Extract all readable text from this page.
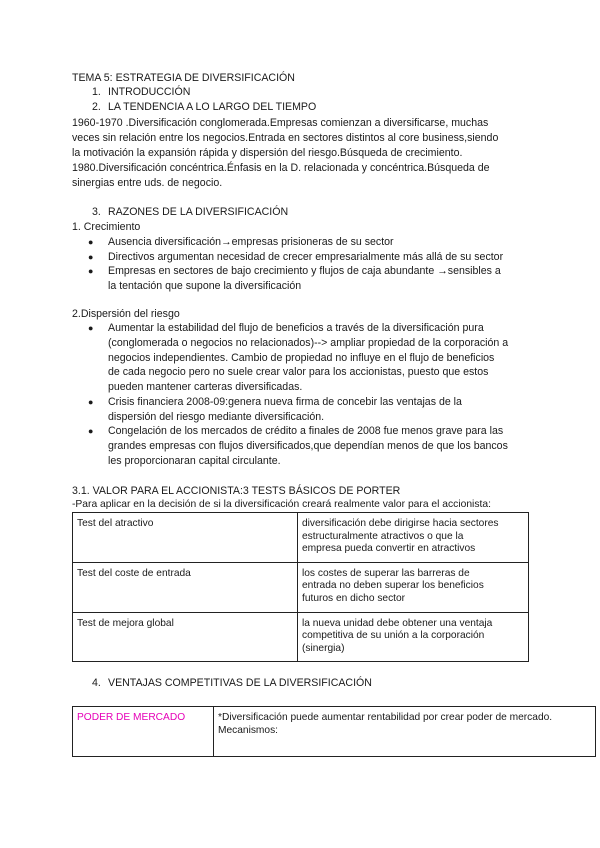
TEMA 5: ESTRATEGIA DE DIVERSIFICACIÓN
1. INTRODUCCIÓN
2. LA TENDENCIA A LO LARGO DEL TIEMPO
1960-1970 .Diversificación conglomerada.Empresas comienzan a diversificarse, muchas
veces sin relación entre los negocios.Entrada en sectores distintos al core business,siendo
la motivación la expansión rápida y dispersión del riesgo.Búsqueda de crecimiento.
1980.Diversificación concéntrica.Énfasis en la D. relacionada y concéntrica.Búsqueda de
sinergias entre uds. de negocio.
3. RAZONES DE LA DIVERSIFICACIÓN
1. Crecimiento
● Ausencia diversificación→empresas prisioneras de su sector
● Directivos argumentan necesidad de crecer empresarialmente más allá de su sector
● Empresas en sectores de bajo crecimiento y flujos de caja abundante →sensibles a
la tentación que supone la diversificación
2.Dispersión del riesgo
● Aumentar la estabilidad del flujo de beneficios a través de la diversificación pura
(conglomerada o negocios no relacionados)--> ampliar propiedad de la corporación a
negocios independientes. Cambio de propiedad no influye en el flujo de beneficios
de cada negocio pero no suele crear valor para los accionistas, puesto que estos
pueden mantener carteras diversificadas.
● Crisis financiera 2008-09:genera nueva firma de concebir las ventajas de la
dispersión del riesgo mediante diversificación.
● Congelación de los mercados de crédito a finales de 2008 fue menos grave para las
grandes empresas con flujos diversificados,que dependían menos de que los bancos
les proporcionaran capital circulante.
3.1. VALOR PARA EL ACCIONISTA:3 TESTS BÁSICOS DE PORTER
-Para aplicar en la decisión de si la diversificación creará realmente valor para el accionista:
Test del atractivo	diversificación debe dirigirse hacia sectores
estructuralmente atractivos o que la
empresa pueda convertir en atractivos

Test del coste de entrada	los costes de superar las barreras de
entrada no deben superar los beneficios
futuros en dicho sector

Test de mejora global	la nueva unidad debe obtener una ventaja
competitiva de su unión a la corporación
(sinergia)
4. VENTAJAS COMPETITIVAS DE LA DIVERSIFICACIÓN
PODER DE MERCADO	*Diversificación puede aumentar rentabilidad por crear poder de mercado.
Mecanismos:
